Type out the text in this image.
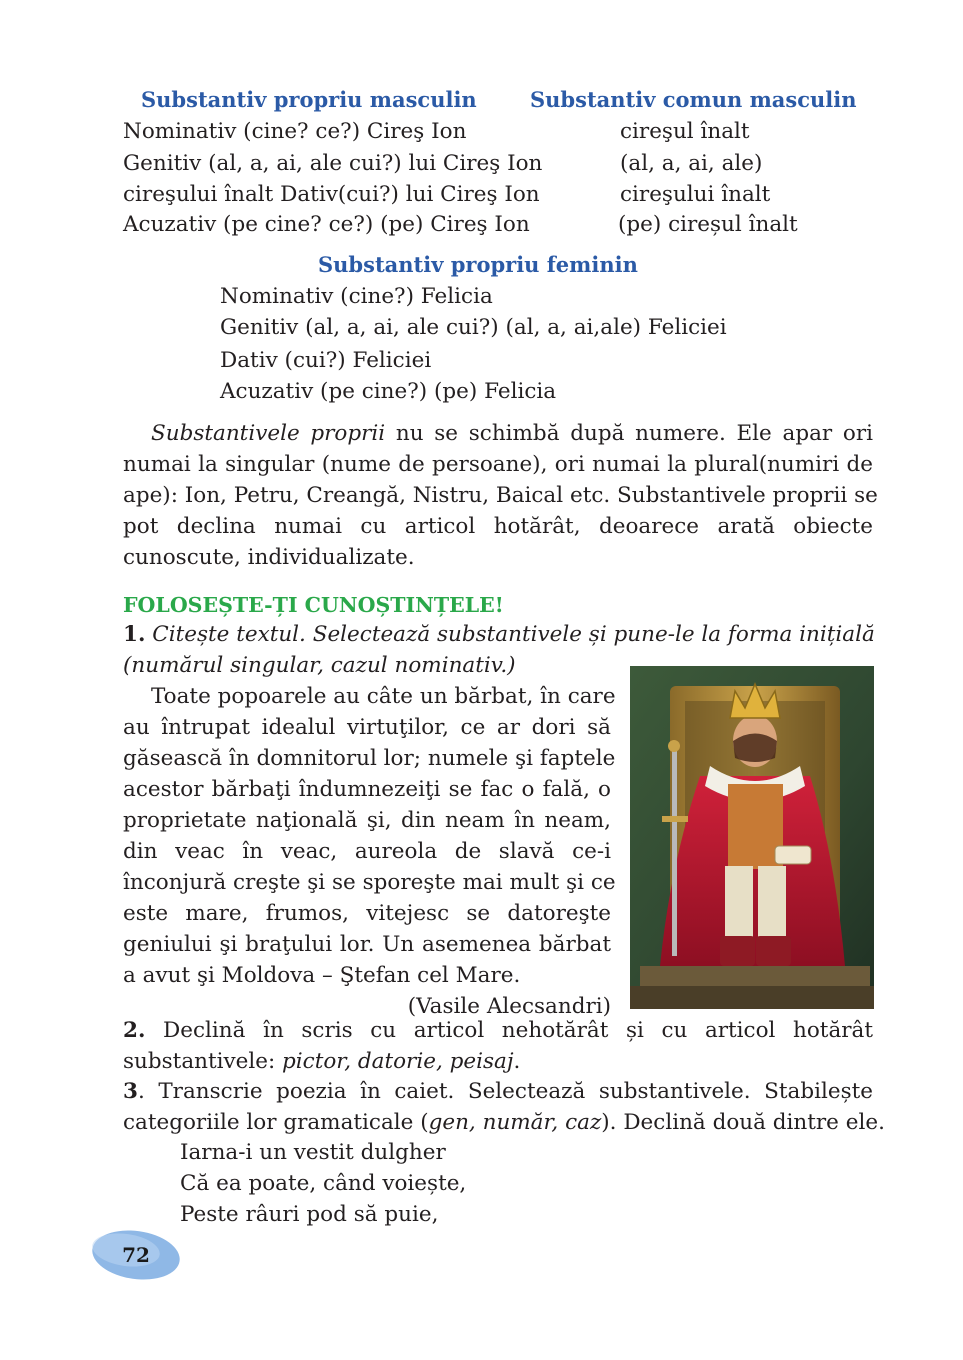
Substantiv propriu masculin	Substantiv comun masculin
Nominativ (cine? ce?) Cireş Ion
Genitiv (al, a, ai, ale cui?) lui Cireş Ion
cireşului înalt Dativ(cui?) lui Cireş Ion
Acuzativ (pe cine? ce?) (pe) Cireş Ion
cireşul înalt
(al, a, ai, ale)
cireşului înalt
(pe) cireșul înalt
Substantiv propriu feminin
Nominativ (cine?) Felicia
Genitiv (al, a, ai, ale cui?) (al, a, ai,ale) Feliciei
Dativ (cui?) Feliciei
Acuzativ (pe cine?) (pe) Felicia
Substantivele proprii nu se schimbă după numere. Ele apar ori
numai la singular (nume de persoane), ori numai la plural(numiri de
ape): Ion, Petru, Creangă, Nistru, Baical etc. Substantivele proprii se
pot declina numai cu articol hotărât, deoarece arată obiecte
cunoscute, individualizate.
FOLOSEȘTE-ȚI CUNOȘTINȚELE!
1. Citește textul. Selectează substantivele și pune-le la forma inițială
(numărul singular, cazul nominativ.)
Toate popoarele au câte un bărbat, în care
au întrupat idealul virtuţilor, ce ar dori să
găsească în domnitorul lor; numele şi faptele
acestor bărbaţi îndumnezeiţi se fac o fală, o
proprietate naţională şi, din neam în neam,
din veac în veac, aureola de slavă ce-i
înconjură creşte şi se sporeşte mai mult şi ce
este mare, frumos, vitejesc se datoreşte
geniului şi braţului lor. Un asemenea bărbat
a avut şi Moldova – Ştefan cel Mare.
(Vasile Alecsandri)
2. Declină în scris cu articol nehotărât și cu articol hotărât
substantivele: pictor, datorie, peisaj.
3. Transcrie poezia în caiet. Selectează substantivele. Stabilește
categoriile lor gramaticale (gen, număr, caz). Declină două dintre ele.
Iarna-i un vestit dulgher
Că ea poate, când voiește,
Peste râuri pod să puie,
72
